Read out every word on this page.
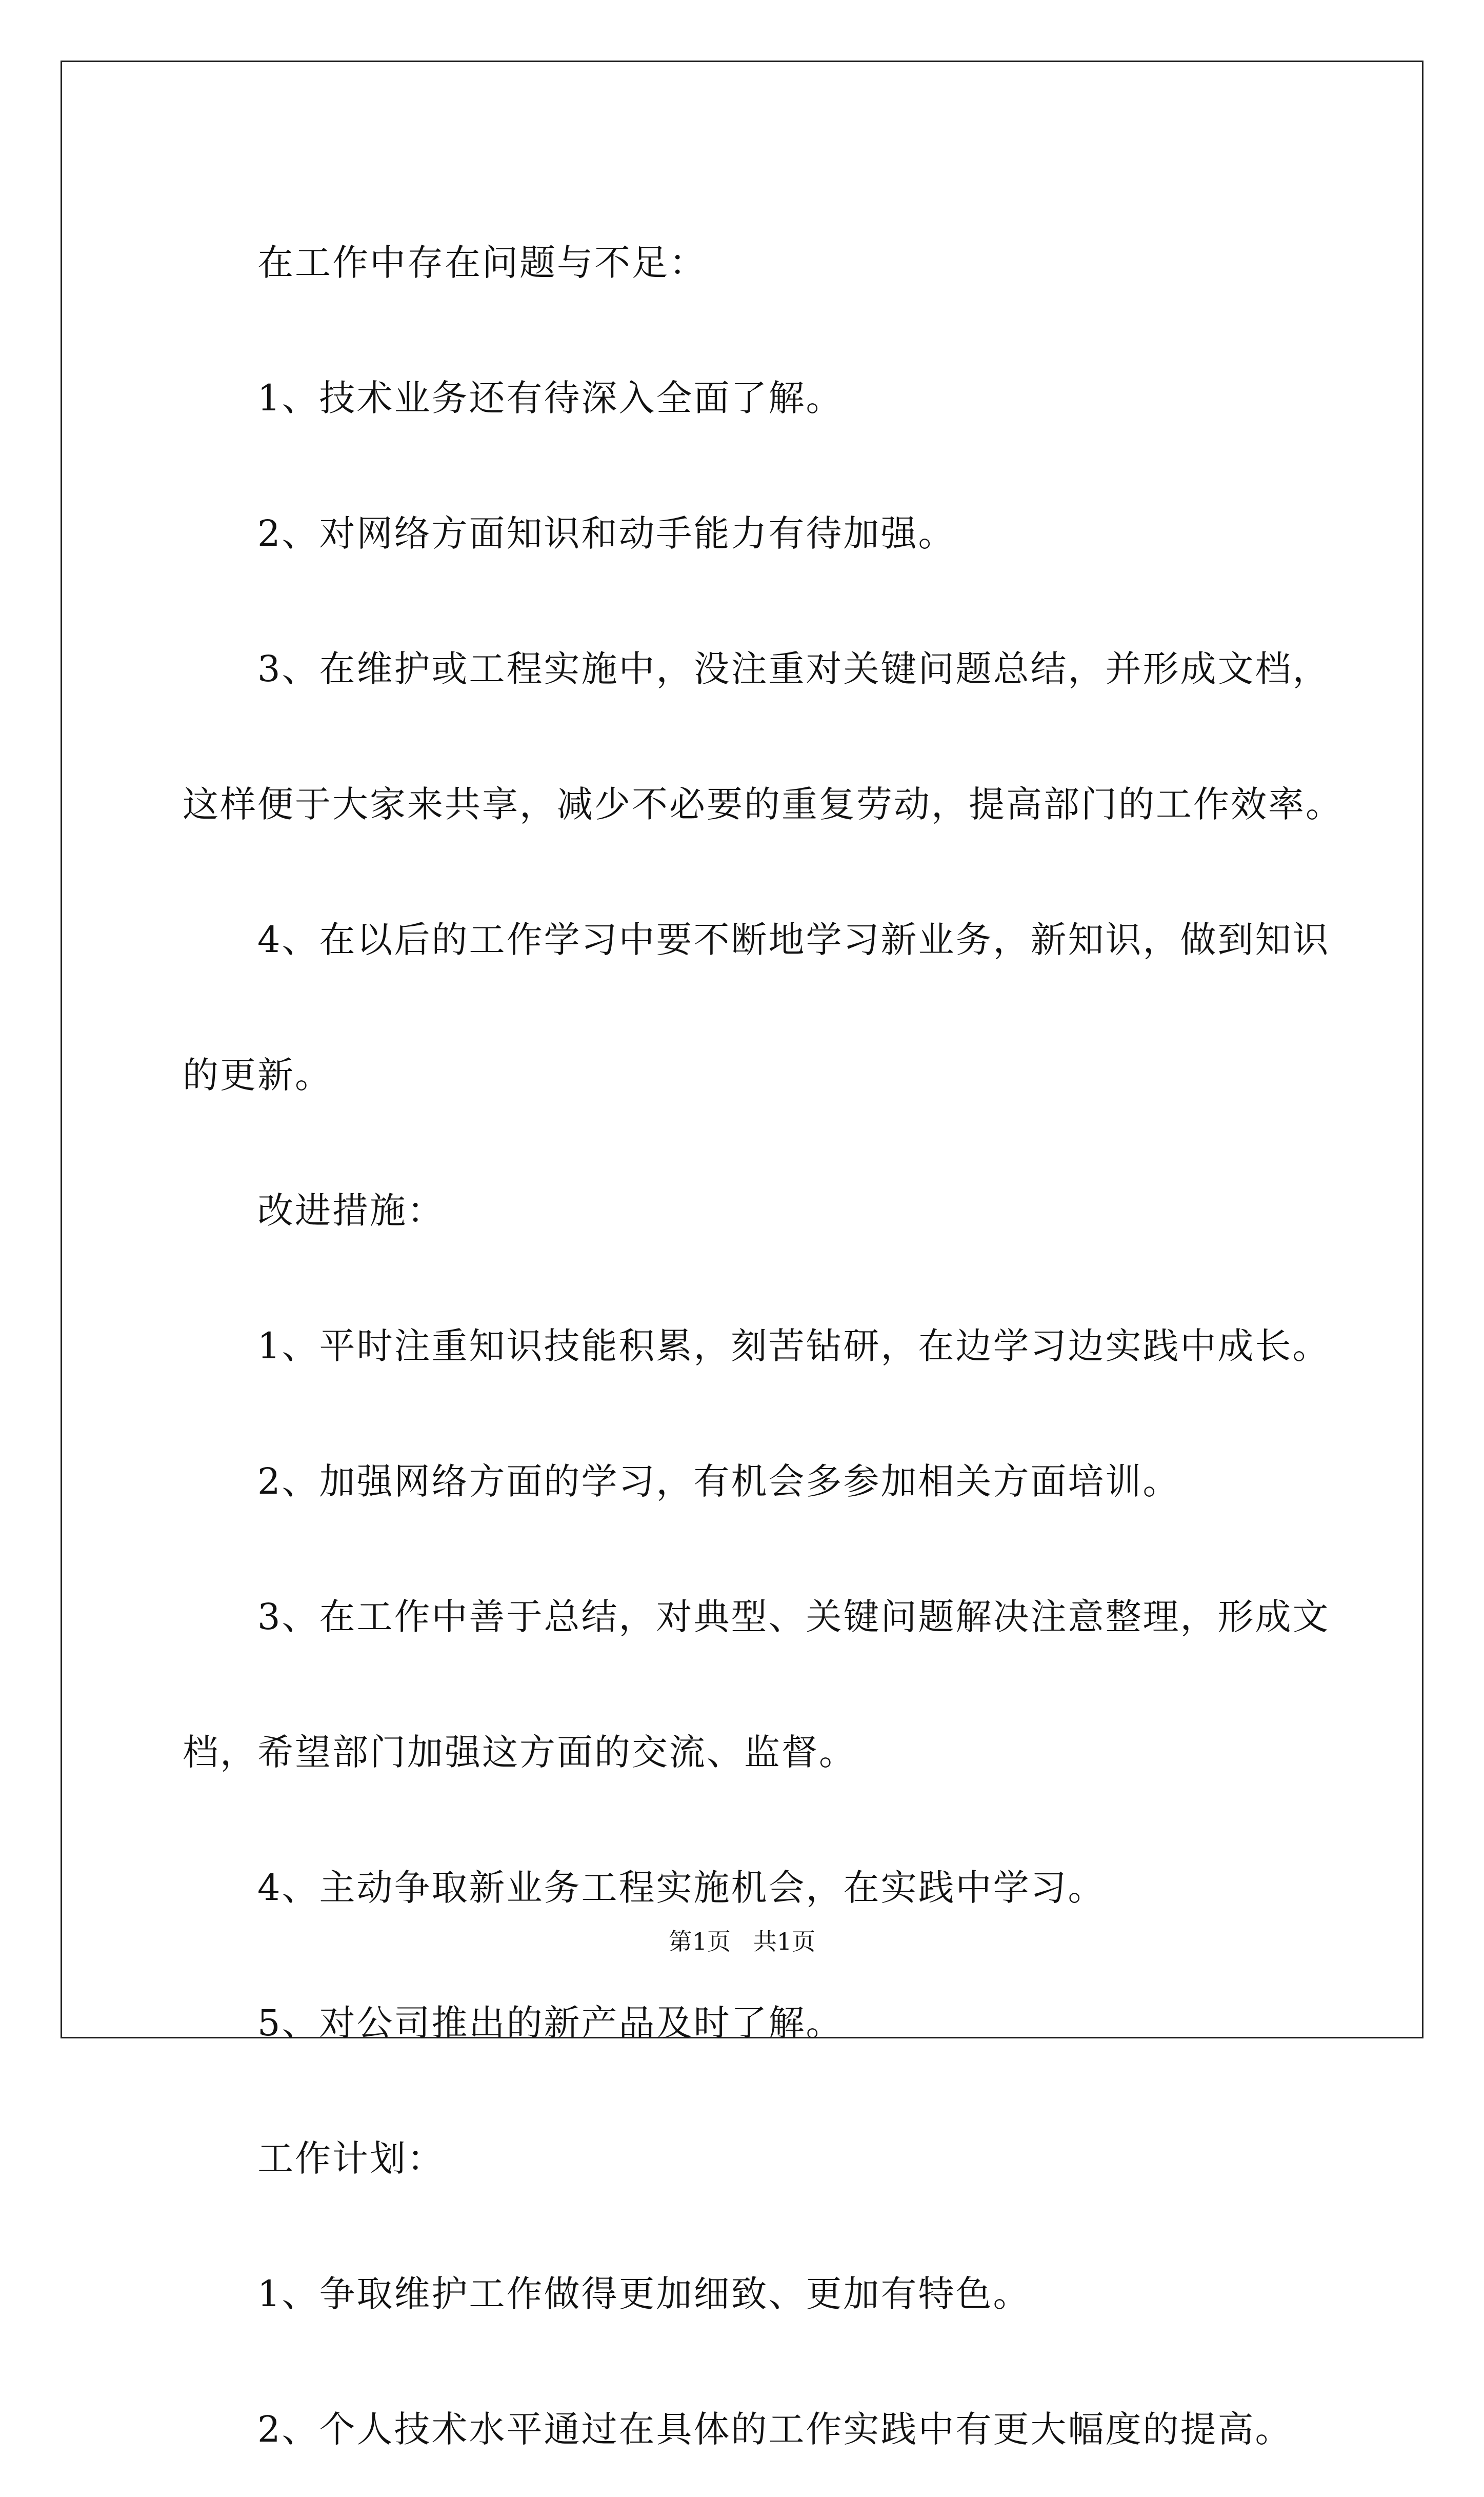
在工作中存在问题与不足：

1、技术业务还有待深入全面了解。

2、对网络方面知识和动手能力有待加强。

3、在维护或工程实施中，没注重对关键问题总结，并形成文档，

这样便于大家来共享，减少不必要的重复劳动，提高部门的工作效率。

4、在以后的工作学习中要不断地学习新业务，新知识，做到知识

的更新。

改进措施：

1、平时注重知识技能积累，刻苦钻研，在边学习边实践中成长。

2、加强网络方面的学习，有机会多参加相关方面培训。

3、在工作中善于总结，对典型、关键问题解决注意整理，形成文

档，希望部门加强这方面的交流、监督。

4、主动争取新业务工程实施机会，在实践中学习。

5、对公司推出的新产品及时了解。

工作计划：

1、争取维护工作做得更加细致、更加有特色。

2、个人技术水平通过在具体的工作实践中有更大幅度的提高。

第1页   共1页
